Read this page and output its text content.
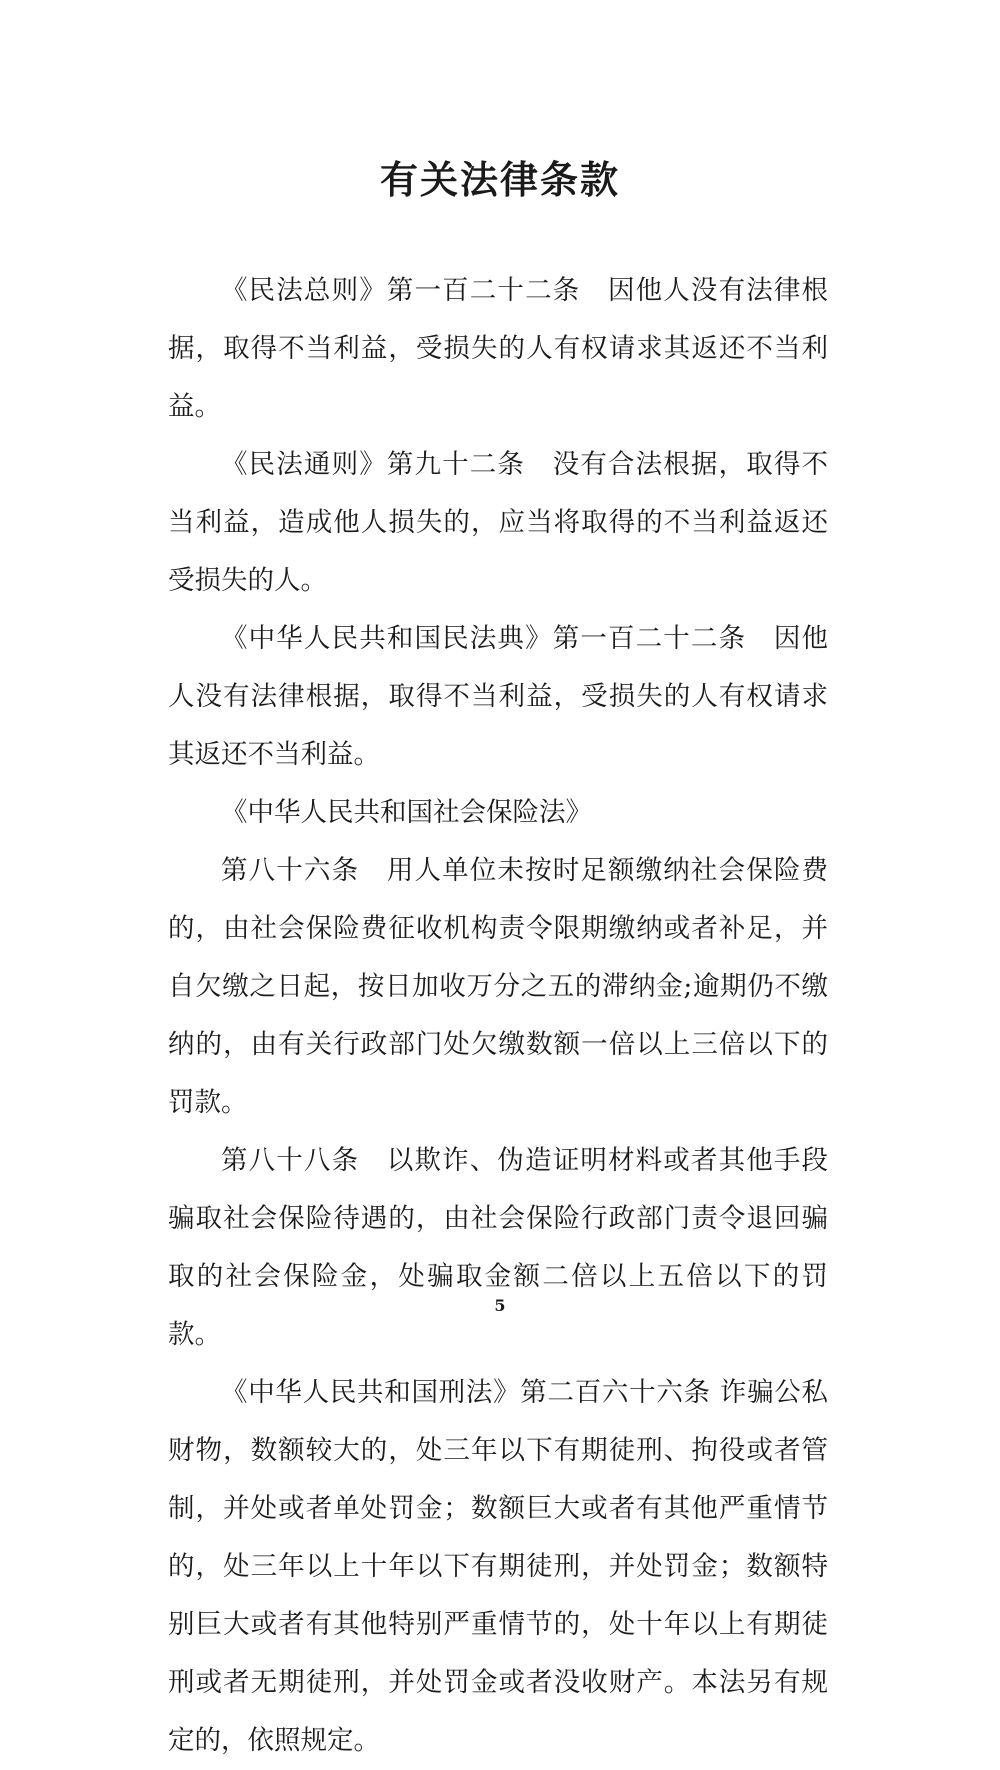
有关法律条款

《民法总则》第一百二十二条　因他人没有法律根据，取得不当利益，受损失的人有权请求其返还不当利益。

《民法通则》第九十二条　没有合法根据，取得不当利益，造成他人损失的，应当将取得的不当利益返还受损失的人。

《中华人民共和国民法典》第一百二十二条　因他人没有法律根据，取得不当利益，受损失的人有权请求其返还不当利益。

《中华人民共和国社会保险法》

第八十六条　用人单位未按时足额缴纳社会保险费的，由社会保险费征收机构责令限期缴纳或者补足，并自欠缴之日起，按日加收万分之五的滞纳金;逾期仍不缴纳的，由有关行政部门处欠缴数额一倍以上三倍以下的罚款。

第八十八条　以欺诈、伪造证明材料或者其他手段骗取社会保险待遇的，由社会保险行政部门责令退回骗取的社会保险金，处骗取金额二倍以上五倍以下的罚款。

《中华人民共和国刑法》第二百六十六条 诈骗公私财物，数额较大的，处三年以下有期徒刑、拘役或者管制，并处或者单处罚金；数额巨大或者有其他严重情节的，处三年以上十年以下有期徒刑，并处罚金；数额特别巨大或者有其他特别严重情节的，处十年以上有期徒刑或者无期徒刑，并处罚金或者没收财产。本法另有规定的，依照规定。

5
